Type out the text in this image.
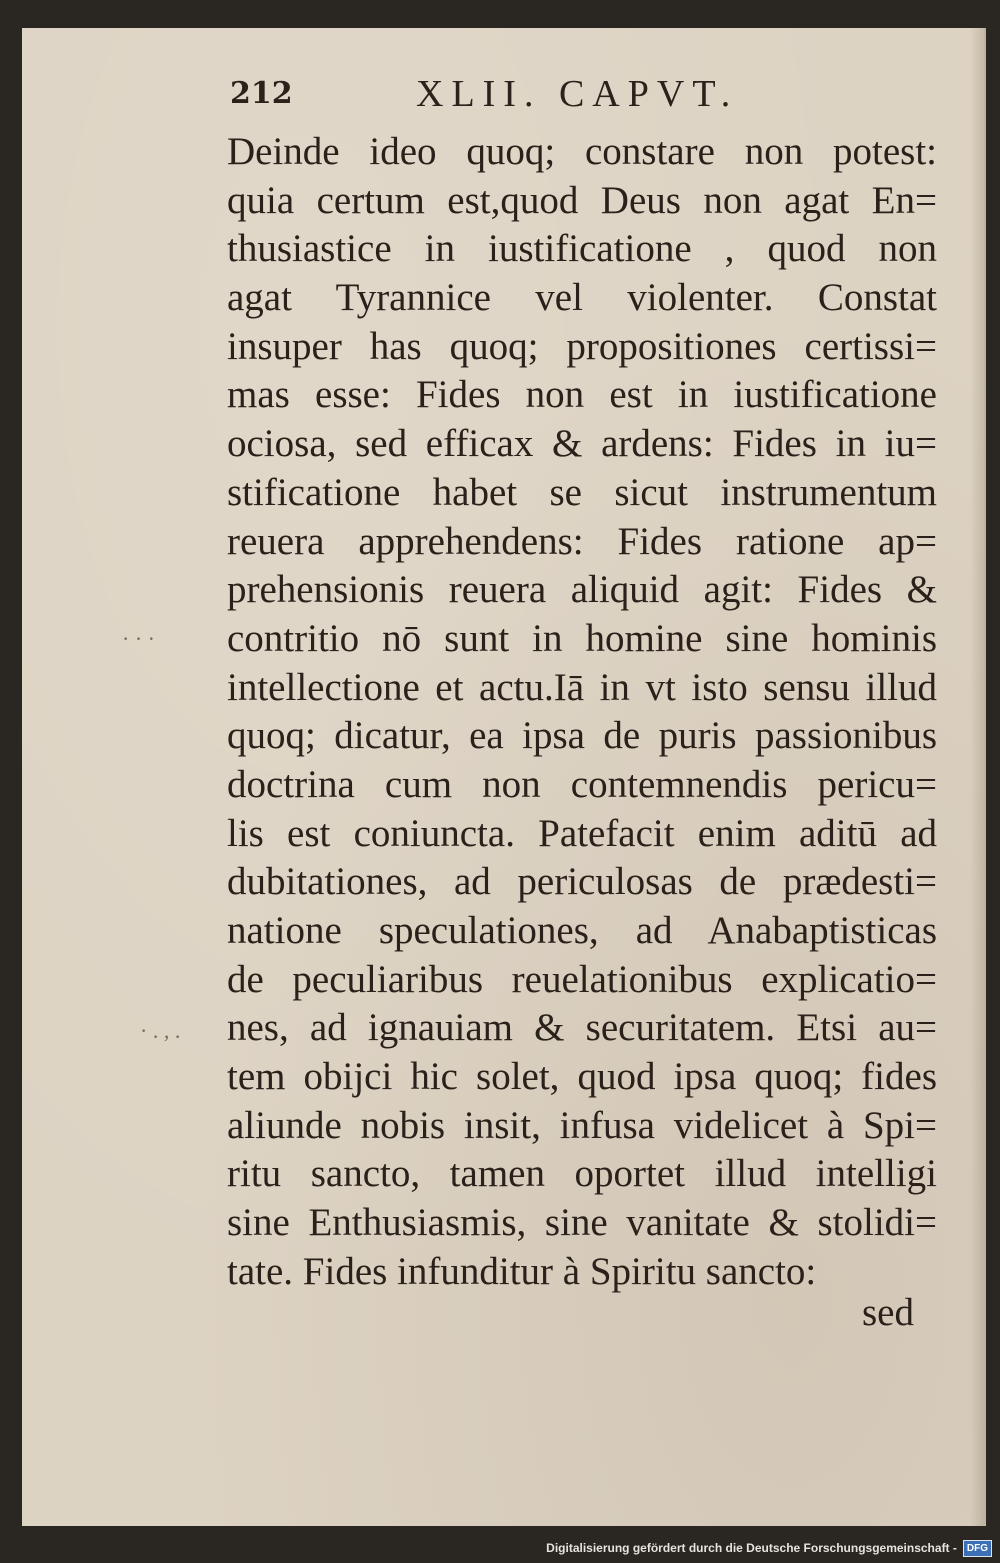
212	XLII. CAPVT.
Deinde ideo quoq; constare non potest:
quia certum est,quod Deus non agat En=
thusiastice in iustificatione , quod non
agat Tyrannice vel violenter. Constat
insuper has quoq; propositiones certissi=
mas esse: Fides non est in iustificatione
ociosa, sed efficax & ardens: Fides in iu=
stificatione habet se sicut instrumentum
reuera apprehendens: Fides ratione ap=
prehensionis reuera aliquid agit: Fides &
contritio nō sunt in homine sine hominis
intellectione et actu.Iā in vt isto sensu illud
quoq; dicatur, ea ipsa de puris passionibus
doctrina cum non contemnendis pericu=
lis est coniuncta. Patefacit enim aditū ad
dubitationes, ad periculosas de prædesti=
natione speculationes, ad Anabaptisticas
de peculiaribus reuelationibus explicatio=
nes, ad ignauiam & securitatem. Etsi au=
tem obijci hic solet, quod ipsa quoq; fides
aliunde nobis insit, infusa videlicet à Spi=
ritu sancto, tamen oportet illud intelligi
sine Enthusiasmis, sine vanitate & stolidi=
tate. Fides infunditur à Spiritu sancto:
sed
· · ·
· . , .
Digitalisierung gefördert durch die Deutsche Forschungsgemeinschaft -	DFG
